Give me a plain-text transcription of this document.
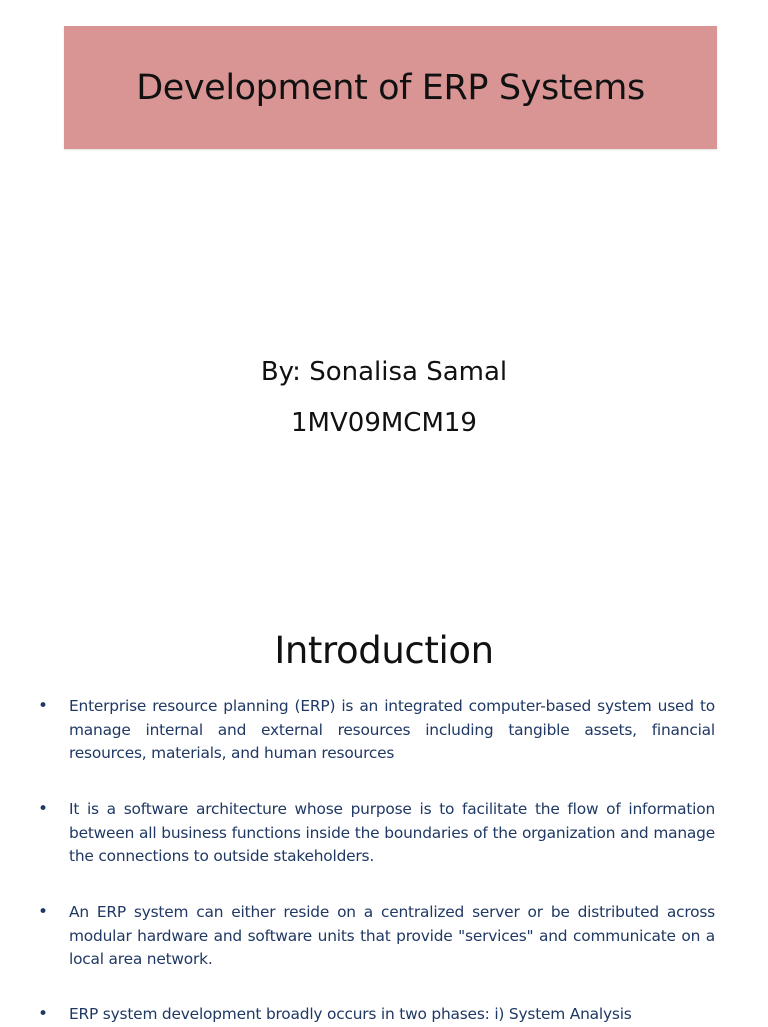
Development of ERP Systems
By: Sonalisa Samal
1MV09MCM19
Introduction
• Enterprise resource planning (ERP) is an integrated computer-based system used to manage internal and external resources including tangible assets, financial resources, materials, and human resources
• It is a software architecture whose purpose is to facilitate the flow of information between all business functions inside the boundaries of the organization and manage the connections to outside stakeholders.
• An ERP system can either reside on a centralized server or be distributed across modular hardware and software units that provide "services" and communicate on a local area network.
• ERP system development broadly occurs in two phases: i) System Analysis
